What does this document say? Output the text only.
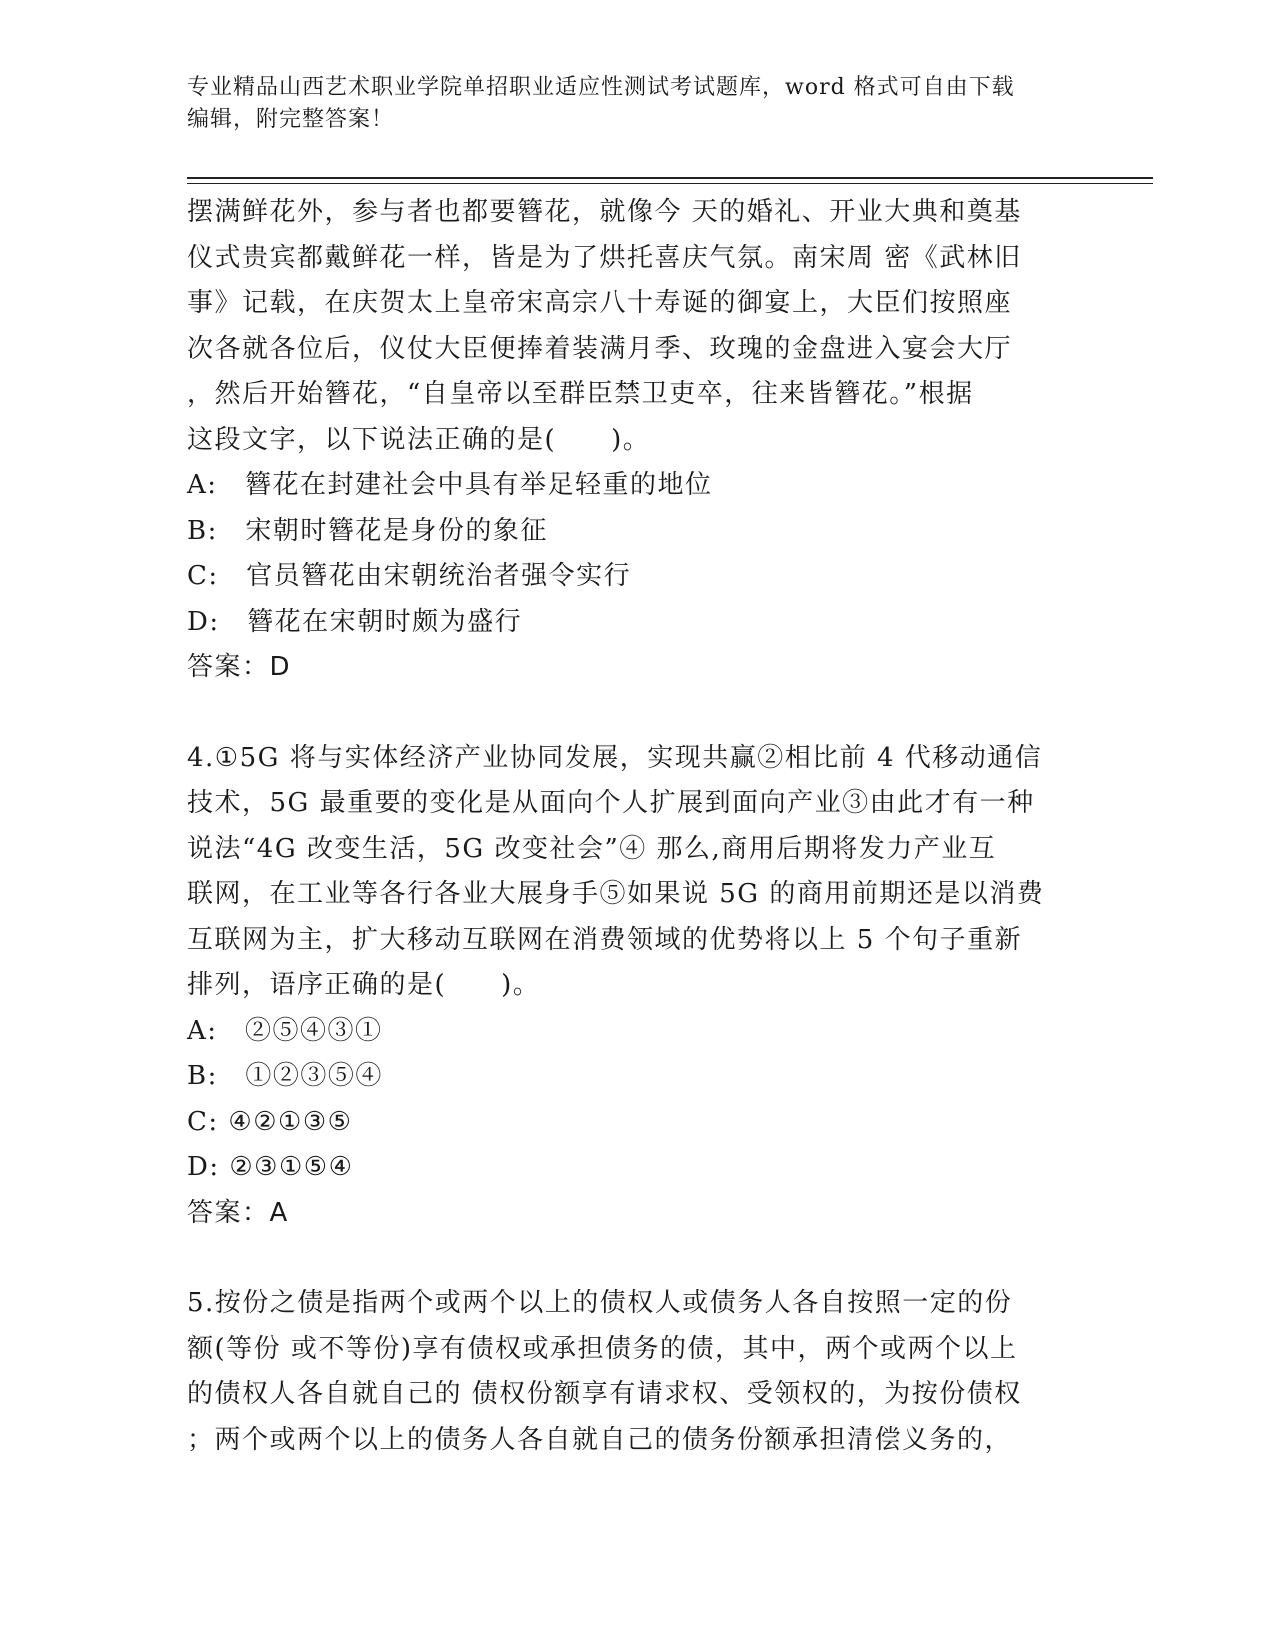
专业精品山西艺术职业学院单招职业适应性测试考试题库，word 格式可自由下载
编辑，附完整答案！

摆满鲜花外，参与者也都要簪花，就像今 天的婚礼、开业大典和奠基

仪式贵宾都戴鲜花一样，皆是为了烘托喜庆气氛。南宋周 密《武林旧

事》记载，在庆贺太上皇帝宋高宗八十寿诞的御宴上，大臣们按照座

次各就各位后，仪仗大臣便捧着装满月季、玫瑰的金盘进入宴会大厅

，然后开始簪花，“自皇帝以至群臣禁卫吏卒，往来皆簪花。”根据

这段文字，以下说法正确的是(　　)。

A:　簪花在封建社会中具有举足轻重的地位

B:　宋朝时簪花是身份的象征

C:　官员簪花由宋朝统治者强令实行

D:　簪花在宋朝时颇为盛行

答案：D

4.①5G 将与实体经济产业协同发展，实现共赢②相比前 4 代移动通信

技术，5G 最重要的变化是从面向个人扩展到面向产业③由此才有一种

说法“4G 改变生活，5G 改变社会”④ 那么,商用后期将发力产业互

联网，在工业等各行各业大展身手⑤如果说 5G 的商用前期还是以消费

互联网为主，扩大移动互联网在消费领域的优势将以上 5 个句子重新

排列，语序正确的是(　　)。

A:　②⑤④③①

B:　①②③⑤④

C: ④②①③⑤

D: ②③①⑤④

答案：A

5.按份之债是指两个或两个以上的债权人或债务人各自按照一定的份

额(等份 或不等份)享有债权或承担债务的债，其中，两个或两个以上

的债权人各自就自己的 债权份额享有请求权、受领权的，为按份债权

；两个或两个以上的债务人各自就自己的债务份额承担清偿义务的，
